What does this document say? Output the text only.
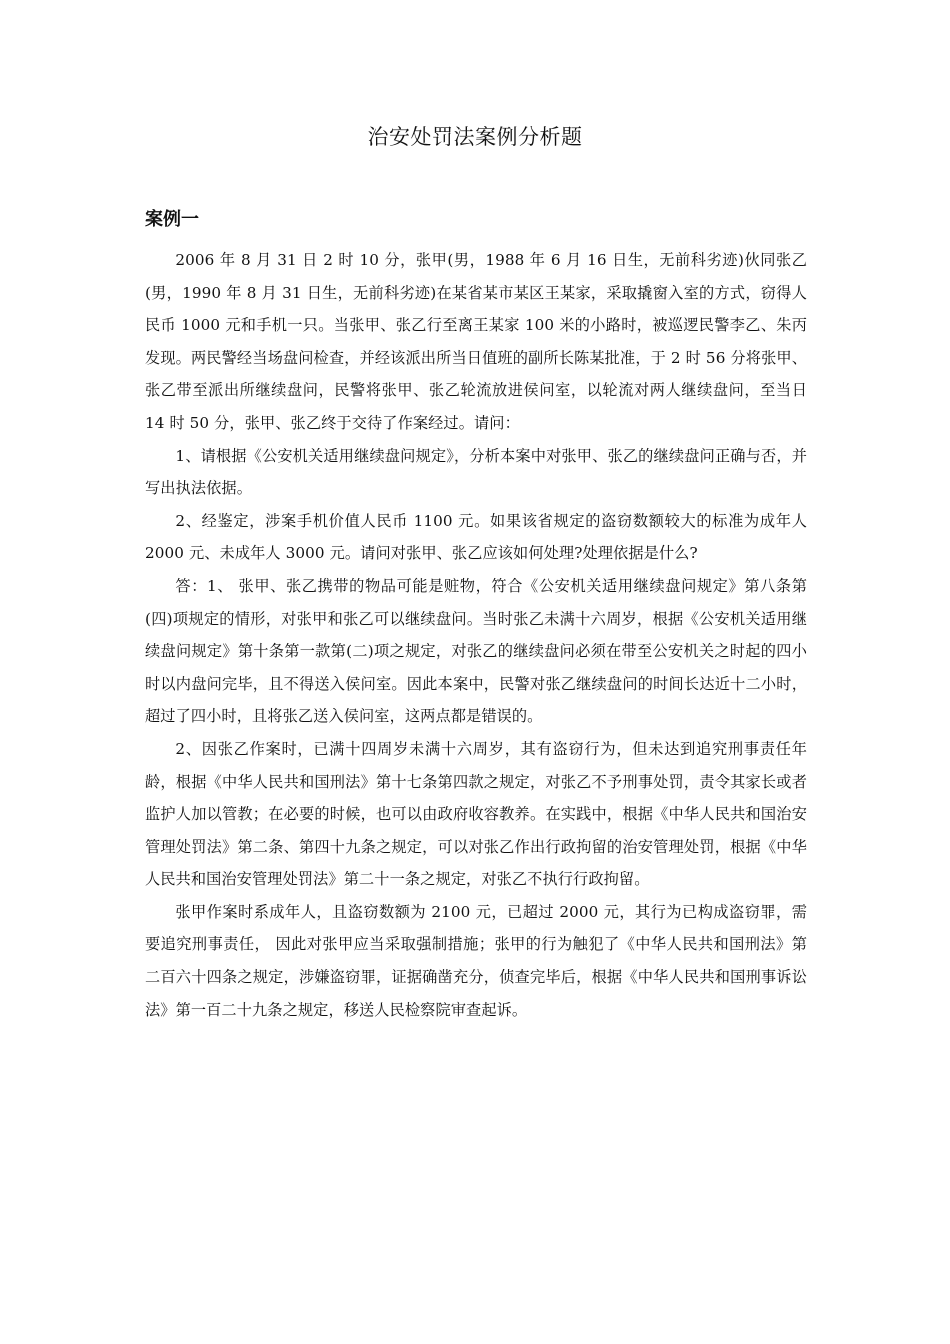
治安处罚法案例分析题
案例一

2006 年 8 月 31 日 2 时 10 分，张甲(男，1988 年 6 月 16 日生，无前科劣迹)伙同张乙(男，1990 年 8 月 31 日生，无前科劣迹)在某省某市某区王某家，采取撬窗入室的方式，窃得人民币 1000 元和手机一只。当张甲、张乙行至离王某家 100 米的小路时，被巡逻民警李乙、朱丙发现。两民警经当场盘问检查，并经该派出所当日值班的副所长陈某批准，于 2 时 56 分将张甲、张乙带至派出所继续盘问，民警将张甲、张乙轮流放进侯问室，以轮流对两人继续盘问，至当日 14 时 50 分，张甲、张乙终于交待了作案经过。请问：

1、请根据《公安机关适用继续盘问规定》，分析本案中对张甲、张乙的继续盘问正确与否，并写出执法依据。

2、经鉴定，涉案手机价值人民币 1100 元。如果该省规定的盗窃数额较大的标准为成年人 2000 元、未成年人 3000 元。请问对张甲、张乙应该如何处理?处理依据是什么?

答：1、 张甲、张乙携带的物品可能是赃物，符合《公安机关适用继续盘问规定》第八条第(四)项规定的情形，对张甲和张乙可以继续盘问。当时张乙未满十六周岁，根据《公安机关适用继续盘问规定》第十条第一款第(二)项之规定，对张乙的继续盘问必须在带至公安机关之时起的四小时以内盘问完毕，且不得送入侯问室。因此本案中，民警对张乙继续盘问的时间长达近十二小时，超过了四小时，且将张乙送入侯问室，这两点都是错误的。

2、因张乙作案时，已满十四周岁未满十六周岁，其有盗窃行为，但未达到追究刑事责任年龄，根据《中华人民共和国刑法》第十七条第四款之规定，对张乙不予刑事处罚，责令其家长或者监护人加以管教；在必要的时候，也可以由政府收容教养。在实践中，根据《中华人民共和国治安管理处罚法》第二条、第四十九条之规定，可以对张乙作出行政拘留的治安管理处罚，根据《中华人民共和国治安管理处罚法》第二十一条之规定，对张乙不执行行政拘留。

张甲作案时系成年人，且盗窃数额为 2100 元，已超过 2000 元，其行为已构成盗窃罪，需要追究刑事责任， 因此对张甲应当采取强制措施；张甲的行为触犯了《中华人民共和国刑法》第二百六十四条之规定，涉嫌盗窃罪，证据确凿充分，侦查完毕后，根据《中华人民共和国刑事诉讼法》第一百二十九条之规定，移送人民检察院审查起诉。
